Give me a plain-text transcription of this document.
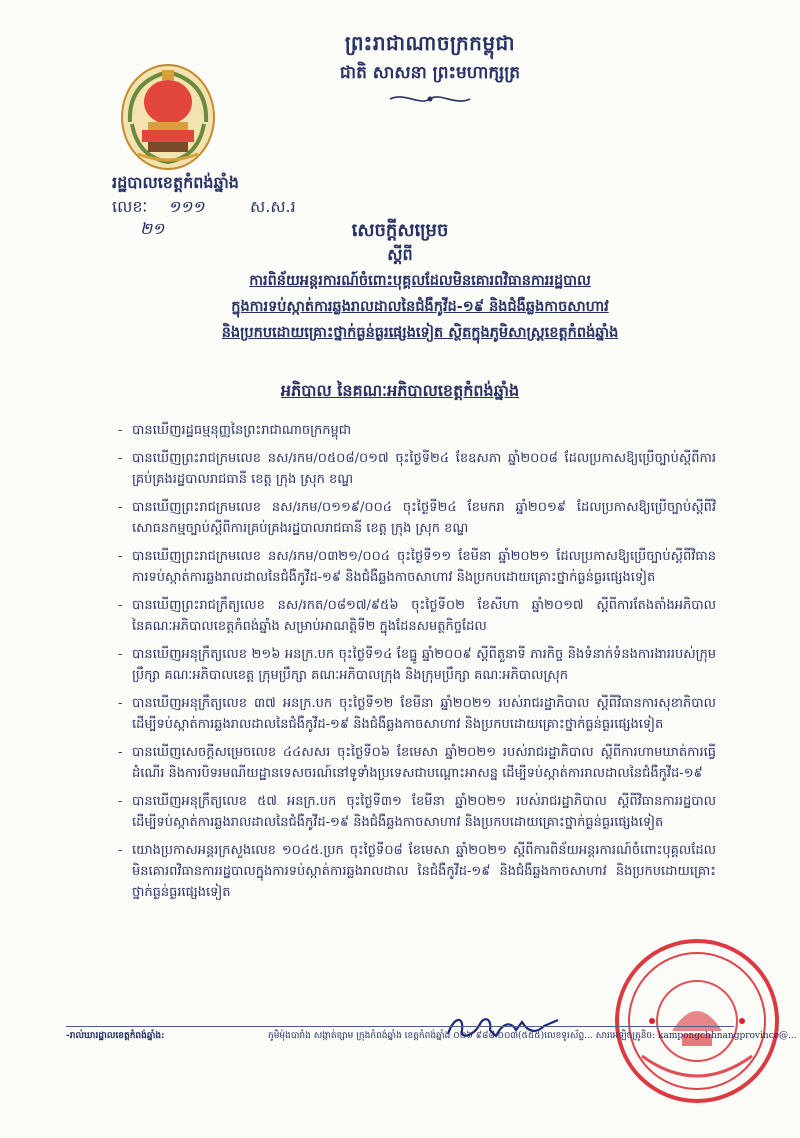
ព្រះរាជាណាចក្រកម្ពុជា
ជាតិ សាសនា ព្រះមហាក្សត្រ
រដ្ឋបាលខេត្តកំពង់ឆ្នាំង
លេខៈ ១១១	ស.ស.រ
២១	សេចក្តីសម្រេច
ស្តីពី
ការពិន័យអន្តរការណ៍ចំពោះបុគ្គលដែលមិនគោរពវិធានការរដ្ឋបាល
ក្នុងការទប់ស្កាត់ការឆ្លងរាលដាលនៃជំងឺកូវីដ-១៩ និងជំងឺឆ្លងកាចសាហាវ
និងប្រកបដោយគ្រោះថ្នាក់ធ្ងន់ធ្ងរផ្សេងទៀត ស្ថិតក្នុងភូមិសាស្ត្រខេត្តកំពង់ឆ្នាំង
អភិបាល នៃគណៈអភិបាលខេត្តកំពង់ឆ្នាំង
- បានឃើញរដ្ឋធម្មនុញ្ញនៃព្រះរាជាណាចក្រកម្ពុជា
- បានឃើញព្រះរាជក្រមលេខ នស/រកម/០៥០៨/០១៧ ចុះថ្ងៃទី២៤ ខែឧសភា ឆ្នាំ២០០៨ ដែលប្រកាសឱ្យប្រើច្បាប់ស្តីពីការគ្រប់គ្រងរដ្ឋបាលរាជធានី ខេត្ត ក្រុង ស្រុក ខណ្ឌ
- បានឃើញព្រះរាជក្រមលេខ នស/រកម/០១១៩/០០៤ ចុះថ្ងៃទី២៤ ខែមករា ឆ្នាំ២០១៩ ដែលប្រកាសឱ្យប្រើច្បាប់ស្តីពីវិសោធនកម្មច្បាប់ស្តីពីការគ្រប់គ្រងរដ្ឋបាលរាជធានី ខេត្ត ក្រុង ស្រុក ខណ្ឌ
- បានឃើញព្រះរាជក្រមលេខ នស/រកម/០៣២១/០០៤ ចុះថ្ងៃទី១១ ខែមីនា ឆ្នាំ២០២១ ដែលប្រកាសឱ្យប្រើច្បាប់ស្តីពីវិធានការទប់ស្កាត់ការឆ្លងរាលដាលនៃជំងឺកូវីដ-១៩ និងជំងឺឆ្លងកាចសាហាវ និងប្រកបដោយគ្រោះថ្នាក់ធ្ងន់ធ្ងរផ្សេងទៀត
- បានឃើញព្រះរាជក្រឹត្យលេខ នស/រកត/០៨១៧/៩៥៦ ចុះថ្ងៃទី០២ ខែសីហា ឆ្នាំ២០១៧ ស្តីពីការតែងតាំងអភិបាល នៃគណៈអភិបាលខេត្តកំពង់ឆ្នាំង សម្រាប់អាណត្តិទី២ ក្នុងដែនសមត្ថកិច្ចដែល
- បានឃើញអនុក្រឹត្យលេខ ២១៦ អនក្រ.បក ចុះថ្ងៃទី១៤ ខែធ្នូ ឆ្នាំ២០០៩ ស្តីពីតួនាទី ភារកិច្ច និងទំនាក់ទំនងការងាររបស់ក្រុមប្រឹក្សា គណៈអភិបាលខេត្ត ក្រុមប្រឹក្សា គណៈអភិបាលក្រុង និងក្រុមប្រឹក្សា គណៈអភិបាលស្រុក
- បានឃើញអនុក្រឹត្យលេខ ៣៧ អនក្រ.បក ចុះថ្ងៃទី១២ ខែមីនា ឆ្នាំ២០២១ របស់រាជរដ្ឋាភិបាល ស្តីពីវិធានការសុខាភិបាល ដើម្បីទប់ស្កាត់ការឆ្លងរាលដាលនៃជំងឺកូវីដ-១៩ និងជំងឺឆ្លងកាចសាហាវ និងប្រកបដោយគ្រោះថ្នាក់ធ្ងន់ធ្ងរផ្សេងទៀត
- បានឃើញសេចក្តីសម្រេចលេខ ៤៤សសរ ចុះថ្ងៃទី០៦ ខែមេសា ឆ្នាំ២០២១ របស់រាជរដ្ឋាភិបាល ស្តីពីការហាមឃាត់ការធ្វើដំណើរ និងការបិទរមណីយដ្ឋានទេសចរណ៍នៅទូទាំងប្រទេសជាបណ្តោះអាសន្ន ដើម្បីទប់ស្កាត់ការរាលដាលនៃជំងឺកូវីដ-១៩
- បានឃើញអនុក្រឹត្យលេខ ៥៧ អនក្រ.បក ចុះថ្ងៃទី៣១ ខែមីនា ឆ្នាំ២០២១ របស់រាជរដ្ឋាភិបាល ស្តីពីវិធានការរដ្ឋបាល ដើម្បីទប់ស្កាត់ការឆ្លងរាលដាលនៃជំងឺកូវីដ-១៩ និងជំងឺឆ្លងកាចសាហាវ និងប្រកបដោយគ្រោះថ្នាក់ធ្ងន់ធ្ងរផ្សេងទៀត
- យោងប្រកាសអន្តរក្រសួងលេខ ១០៤៥.ប្រក ចុះថ្ងៃទី០៨ ខែមេសា ឆ្នាំ២០២១ ស្តីពីការពិន័យអន្តរការណ៍ចំពោះបុគ្គលដែលមិនគោរពវិធានការរដ្ឋបាលក្នុងការទប់ស្កាត់ការឆ្លងរាលដាល នៃជំងឺកូវីដ-១៩ និងជំងឺឆ្លងកាចសាហាវ និងប្រកបដោយគ្រោះថ្នាក់ធ្ងន់ធ្ងរផ្សេងទៀត
-រាល់ឃារដ្ឋាលខេត្តកំពង់ឆ្នាំង:	ភូមិម៉ុងបារាំង សង្កាត់ខ្សាម ក្រុងកំពង់ឆ្នាំង ខេត្តកំពង់ឆ្នាំង ០២៦ ៩៨៨ ០០៣(៥៥៥)លេខទូរស័ព្ទ... សារអេឡិចត្រូនិច: kampongchhnangprovince@...
